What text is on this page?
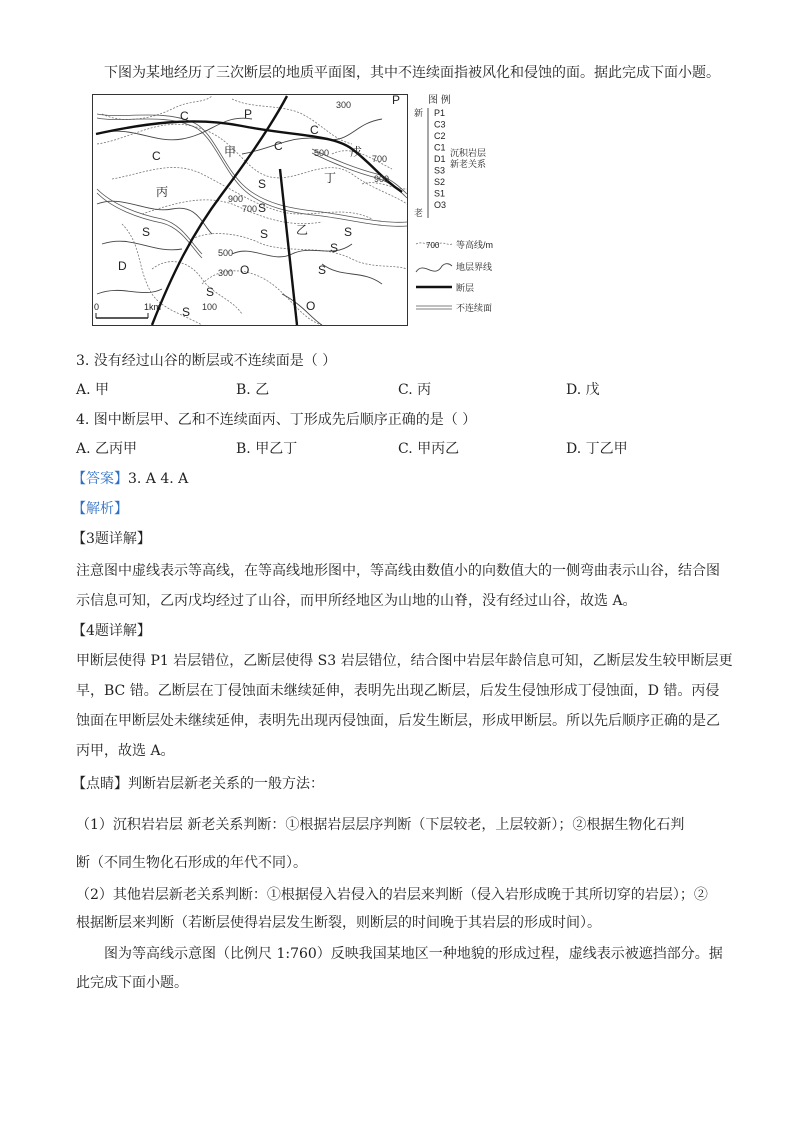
下图为某地经历了三次断层的地质平面图，其中不连续面指被风化和侵蚀的面。据此完成下面小题。
0	1km
甲
乙
丙
丁
戊
P
P
C
C
C
C
S
S	S
S
S
S
S
S
S
O
O
D
300
300
500
500
700
700
900
900
100
图 例
新
老
P1
C3
C2
C1
D1
S3
S2
S1
O3
沉积岩层
新老关系
700 等高线/m
地层界线
断层
不连续面
3. 没有经过山谷的断层或不连续面是（ ）
A. 甲	B. 乙	C. 丙	D. 戊
4. 图中断层甲、乙和不连续面丙、丁形成先后顺序正确的是（ ）
A. 乙丙甲	B. 甲乙丁	C. 甲丙乙	D. 丁乙甲
【答案】3. A 4. A
【解析】
【3题详解】
注意图中虚线表示等高线，在等高线地形图中，等高线由数值小的向数值大的一侧弯曲表示山谷，结合图
示信息可知，乙丙戊均经过了山谷，而甲所经地区为山地的山脊，没有经过山谷，故选 A。
【4题详解】
甲断层使得 P1 岩层错位，乙断层使得 S3 岩层错位，结合图中岩层年龄信息可知，乙断层发生较甲断层更
早，BC 错。乙断层在丁侵蚀面未继续延伸，表明先出现乙断层，后发生侵蚀形成丁侵蚀面，D 错。丙侵
蚀面在甲断层处未继续延伸，表明先出现丙侵蚀面，后发生断层，形成甲断层。所以先后顺序正确的是乙
丙甲，故选 A。
【点睛】判断岩层新老关系的一般方法：
（1）沉积岩岩层 新老关系判断：①根据岩层层序判断（下层较老，上层较新）；②根据生物化石判
断（不同生物化石形成的年代不同）。
（2）其他岩层新老关系判断：①根据侵入岩侵入的岩层来判断（侵入岩形成晚于其所切穿的岩层）；②
根据断层来判断（若断层使得岩层发生断裂，则断层的时间晚于其岩层的形成时间）。
图为等高线示意图（比例尺 1:760）反映我国某地区一种地貌的形成过程，虚线表示被遮挡部分。据
此完成下面小题。
